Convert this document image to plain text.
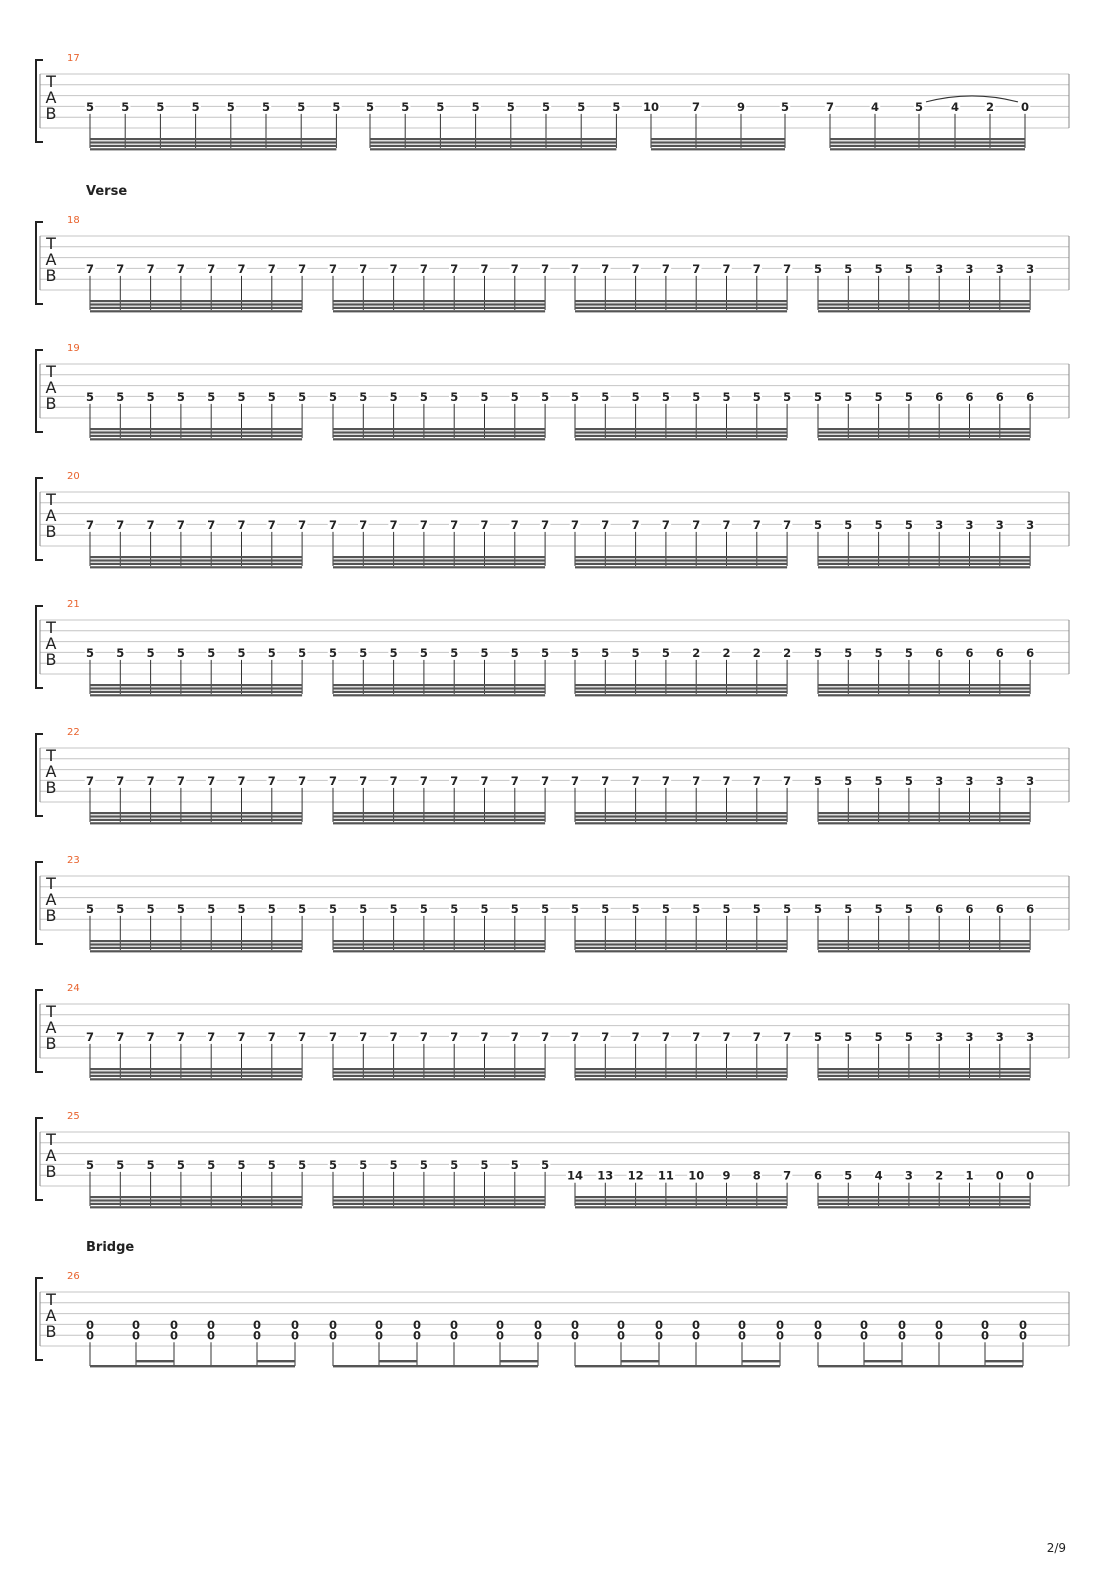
17
T
A
B	5 5 5 5 5 5 5 5 5 5 5 5 5 5 5 5 10	7	9	5	7	4	5 4 2 0
Verse
18
T
A
B	7 7 7 7 7 7 7 7 7 7 7 7 7 7 7 7 7 7 7 7 7 7 7 7 5 5 5 5 3 3 3 3
19
T
A
B	5 5 5 5 5 5 5 5 5 5 5 5 5 5 5 5 5 5 5 5 5 5 5 5 5 5 5 5 6 6 6 6
20
T
A
B	7 7 7 7 7 7 7 7 7 7 7 7 7 7 7 7 7 7 7 7 7 7 7 7 5 5 5 5 3 3 3 3
21
T
A
B	5 5 5 5 5 5 5 5 5 5 5 5 5 5 5 5 5 5 5 5 2 2 2 2 5 5 5 5 6 6 6 6
22
T
A
B	7 7 7 7 7 7 7 7 7 7 7 7 7 7 7 7 7 7 7 7 7 7 7 7 5 5 5 5 3 3 3 3
23
T
A
B	5 5 5 5 5 5 5 5 5 5 5 5 5 5 5 5 5 5 5 5 5 5 5 5 5 5 5 5 6 6 6 6
24
T
A
B	7 7 7 7 7 7 7 7 7 7 7 7 7 7 7 7 7 7 7 7 7 7 7 7 5 5 5 5 3 3 3 3
25
T
A
B	5 5 5 5 5 5 5 5 5 5 5 5 5 5 5 5
14 13 12 11 10 9 8 7 6 5 4 3 2 1 0 0
Bridge
26
T
A
B	0
0
0
0
0
0
0
0
0
0
0
0
0
0
0
0
0
0
0
0
0
0
0
0
0
0
0
0
0
0
0
0
0
0
0
0
0
0
0
0
0
0
0
0
0
0
0
0
2/9
